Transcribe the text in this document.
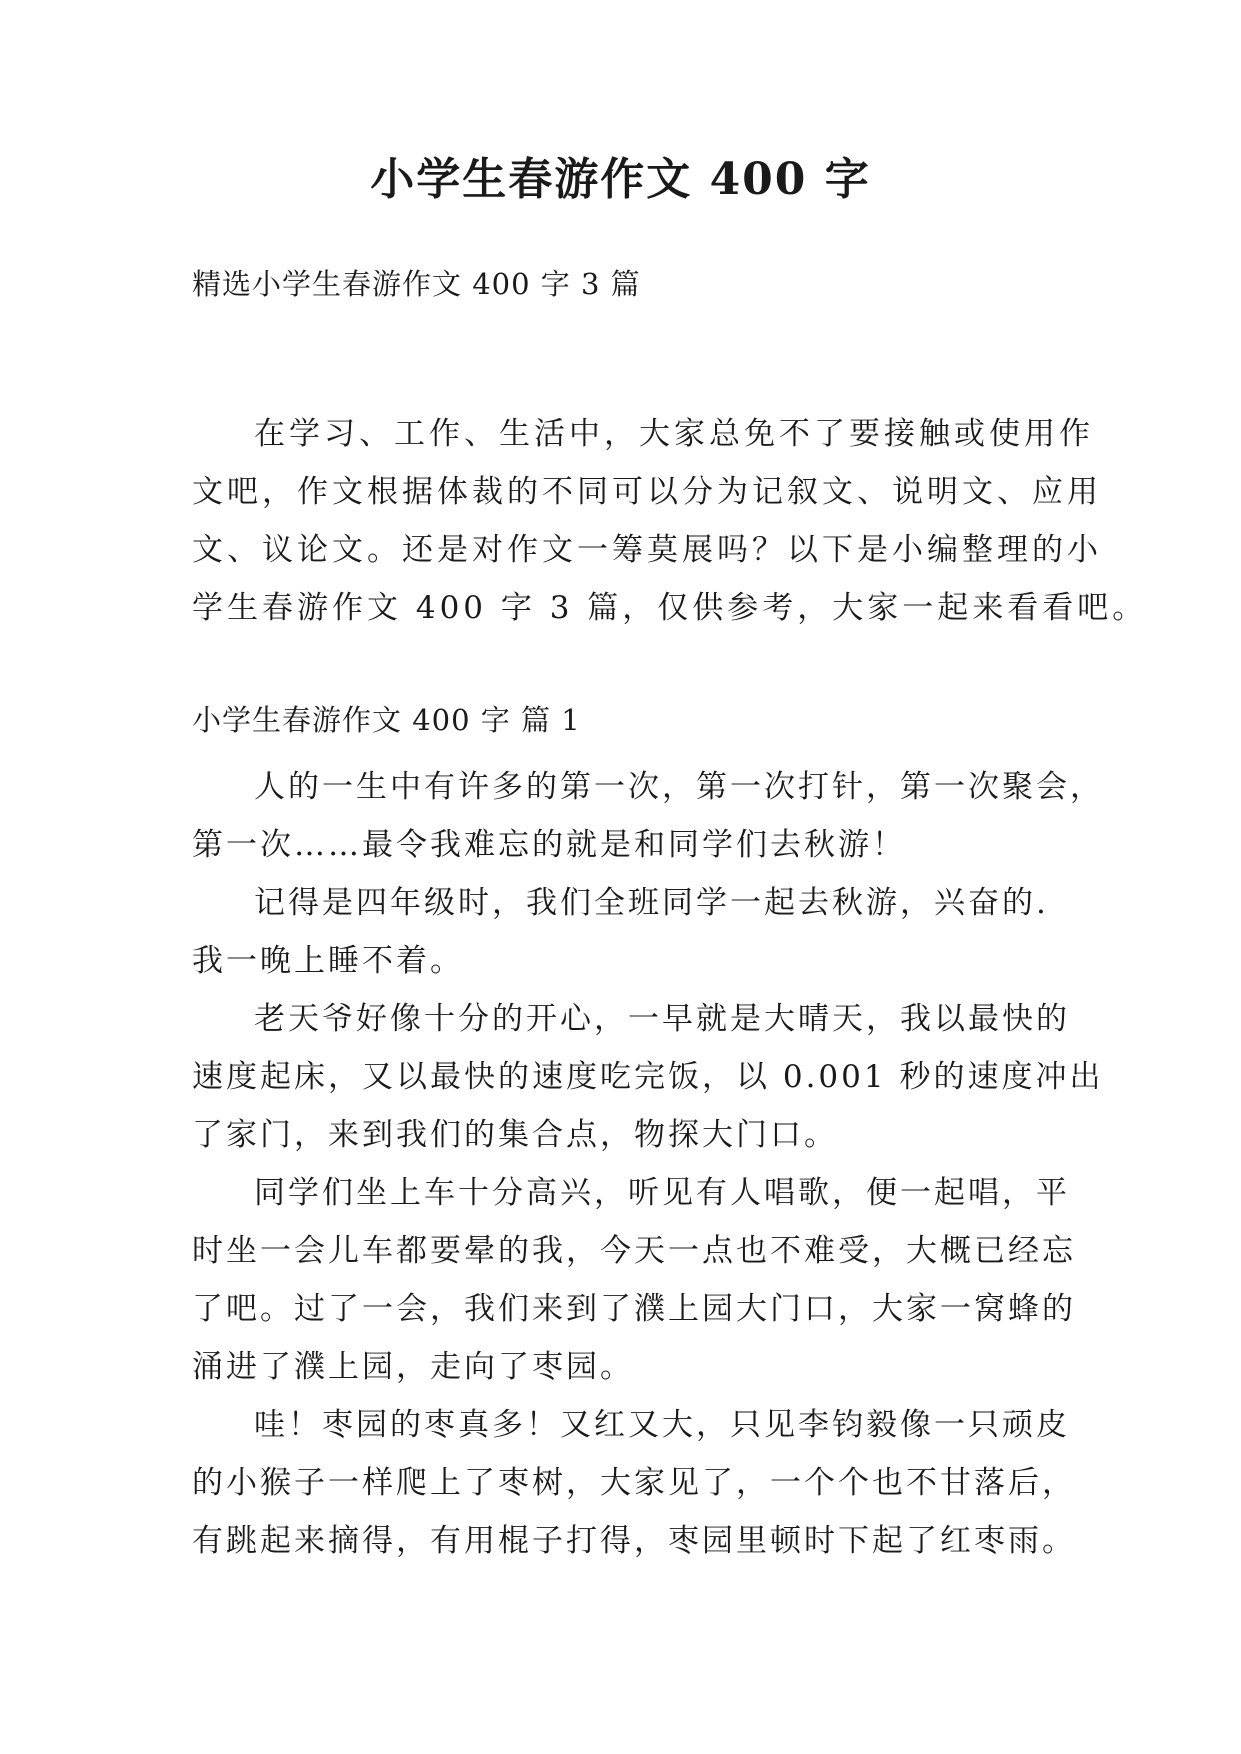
小学生春游作文 400 字

精选小学生春游作文 400 字 3 篇

在学习、工作、生活中，大家总免不了要接触或使用作
文吧，作文根据体裁的不同可以分为记叙文、说明文、应用
文、议论文。还是对作文一筹莫展吗？以下是小编整理的小
学生春游作文 400 字 3 篇，仅供参考，大家一起来看看吧。

小学生春游作文 400 字 篇 1

人的一生中有许多的第一次，第一次打针，第一次聚会，
第一次……最令我难忘的就是和同学们去秋游！
记得是四年级时，我们全班同学一起去秋游，兴奋的.
我一晚上睡不着。
老天爷好像十分的开心，一早就是大晴天，我以最快的
速度起床，又以最快的速度吃完饭，以 0.001 秒的速度冲出
了家门，来到我们的集合点，物探大门口。
同学们坐上车十分高兴，听见有人唱歌，便一起唱，平
时坐一会儿车都要晕的我，今天一点也不难受，大概已经忘
了吧。过了一会，我们来到了濮上园大门口，大家一窝蜂的
涌进了濮上园，走向了枣园。
哇！枣园的枣真多！又红又大，只见李钧毅像一只顽皮
的小猴子一样爬上了枣树，大家见了，一个个也不甘落后，
有跳起来摘得，有用棍子打得，枣园里顿时下起了红枣雨。
